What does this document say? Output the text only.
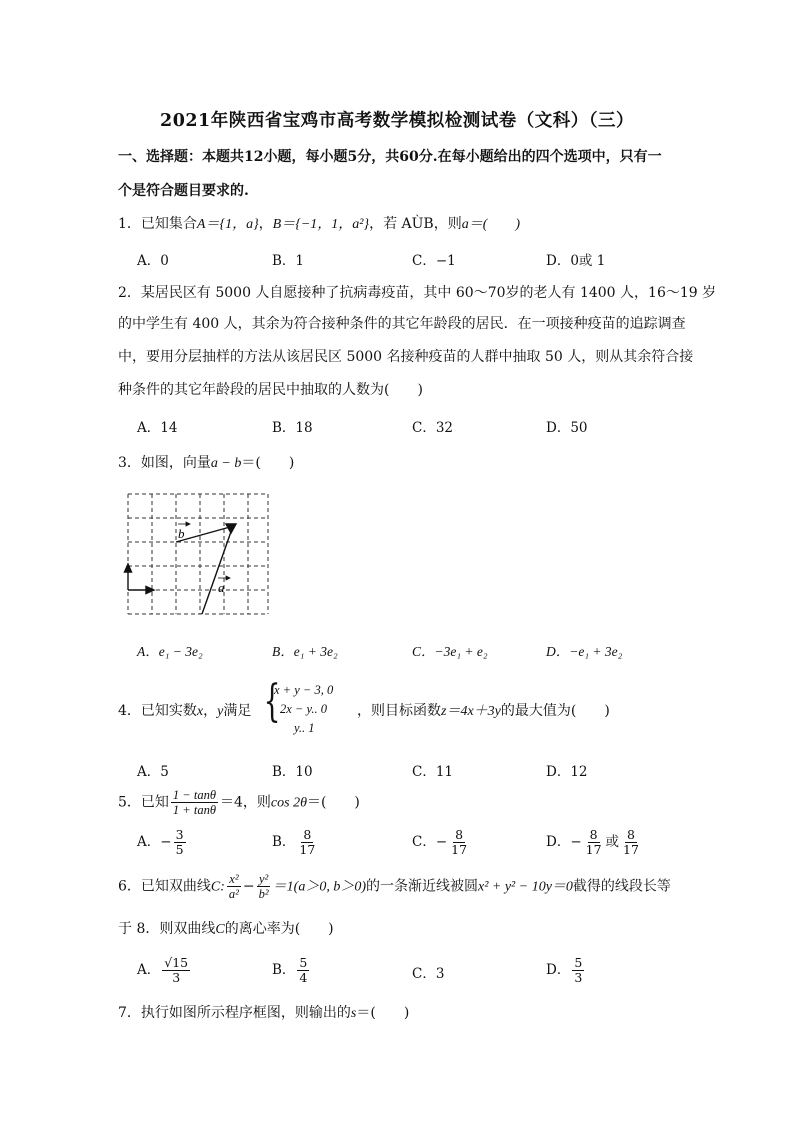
2021年陕西省宝鸡市高考数学模拟检测试卷（文科）（三）
一、选择题：本题共12小题，每小题5分，共60分.在每小题给出的四个选项中，只有一
个是符合题目要求的.
1．已知集合A＝{1，a}，B＝{−1，1，a²}，若 AÙB，则a＝(　　)
A．0	B．1	C．−1	D．0或 1
2．某居民区有 5000 人自愿接种了抗病毒疫苗，其中 60～70岁的老人有 1400 人，16～19 岁
的中学生有 400 人，其余为符合接种条件的其它年龄段的居民．在一项接种疫苗的追踪调查
中，要用分层抽样的方法从该居民区 5000 名接种疫苗的人群中抽取 50 人，则从其余符合接
种条件的其它年龄段的居民中抽取的人数为(　　)
A．14	B．18	C．32	D．50
3．如图，向量a − b＝(　　)
b
a
A．e₁ − 3e₂	B．e₁ + 3e₂	C．−3e₁ + e₂	D．−e₁ + 3e₂
4．已知实数x，y满足 {
x + y − 3, 0
2x − y.. 0
y.. 1
，则目标函数z＝4x＋3y的最大值为(　　)
A．5	B．10	C．11	D．12
5．已知 $\frac{1 - \tan\theta}{1 + \tan\theta} =4$，则cos 2θ＝(　　)
A．− $\frac{3}{5}$	B． $\frac{8}{17}$	C．− $\frac{8}{17}$	D．− $\frac{8}{17}$ 或 $\frac{8}{17}$
6．已知双曲线C: $\frac{\text{x²}}{\text{a²}} - \frac{\text{y²}}{\text{b²}} =1(a>0$, b＞0)的一条渐近线被圆x² + y² − 10y＝0截得的线段长等
于 8．则双曲线C的离心率为(　　)
A． $\frac{√15}{3}$	B． $\frac{5}{4}$	C．3	D． $\frac{5}{3}$
7．执行如图所示程序框图，则输出的s＝(　　)
